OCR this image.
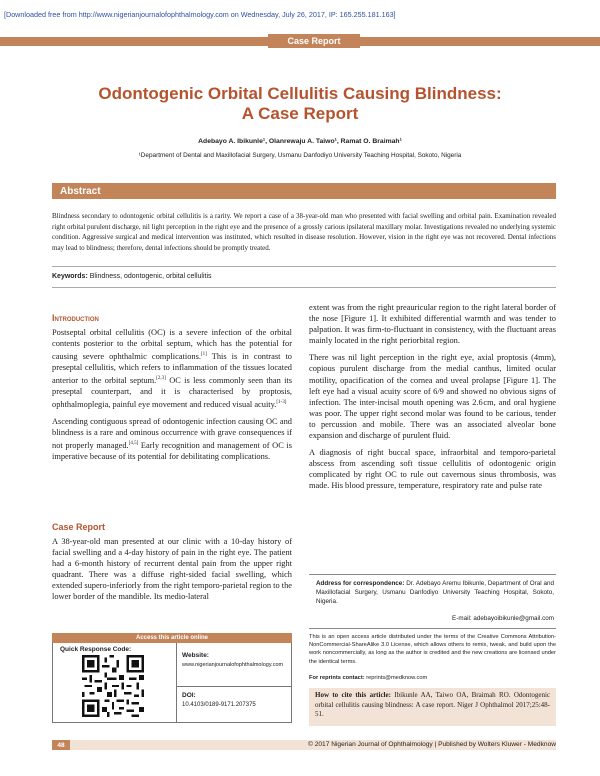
[Downloaded free from http://www.nigerianjournalofophthalmology.com on Wednesday, July 26, 2017, IP: 165.255.181.163]
Case Report
Odontogenic Orbital Cellulitis Causing Blindness:
A Case Report
Adebayo A. Ibikunle¹, Olanrewaju A. Taiwo¹, Ramat O. Braimah¹
¹Department of Dental and Maxillofacial Surgery, Usmanu Danfodiyo University Teaching Hospital, Sokoto, Nigeria
Abstract
Blindness secondary to odontogenic orbital cellulitis is a rarity. We report a case of a 38-year-old man who presented with facial swelling and orbital pain. Examination revealed right orbital purulent discharge, nil light perception in the right eye and the presence of a grossly carious ipsilateral maxillary molar. Investigations revealed no underlying systemic condition. Aggressive surgical and medical intervention was instituted, which resulted in disease resolution. However, vision in the right eye was not recovered. Dental infections may lead to blindness; therefore, dental infections should be promptly treated.
Keywords: Blindness, odontogenic, orbital cellulitis
Introduction

Postseptal orbital cellulitis (OC) is a severe infection of the orbital contents posterior to the orbital septum, which has the potential for causing severe ophthalmic complications.[1] This is in contrast to preseptal cellulitis, which refers to inflammation of the tissues located anterior to the orbital septum.[2,3] OC is less commonly seen than its preseptal counterpart, and it is characterised by proptosis, ophthalmoplegia, painful eye movement and reduced visual acuity.[1-3]

Ascending contiguous spread of odontogenic infection causing OC and blindness is a rare and ominous occurrence with grave consequences if not properly managed.[4,5] Early recognition and management of OC is imperative because of its potential for debilitating complications.

Case Report

A 38-year-old man presented at our clinic with a 10-day history of facial swelling and a 4-day history of pain in the right eye. The patient had a 6-month history of recurrent dental pain from the upper right quadrant. There was a diffuse right-sided facial swelling, which extended supero-inferiorly from the right temporo-parietal region to the lower border of the mandible. Its medio-lateral

extent was from the right preauricular region to the right lateral border of the nose [Figure 1]. It exhibited differential warmth and was tender to palpation. It was firm-to-fluctuant in consistency, with the fluctuant areas mainly located in the right periorbital region.

There was nil light perception in the right eye, axial proptosis (4mm), copious purulent discharge from the medial canthus, limited ocular motility, opacification of the cornea and uveal prolapse [Figure 1]. The left eye had a visual acuity score of 6/9 and showed no obvious signs of infection. The inter-incisal mouth opening was 2.6 cm, and oral hygiene was poor. The upper right second molar was found to be carious, tender to percussion and mobile. There was an associated alveolar bone expansion and discharge of purulent fluid.

A diagnosis of right buccal space, infraorbital and temporo-parietal abscess from ascending soft tissue cellulitis of odontogenic origin complicated by right OC to rule out cavernous sinus thrombosis, was made. His blood pressure, temperature, respiratory rate and pulse rate

Access this article online
Quick Response Code:
Website:
www.nigerianjournalofophthalmology.com
DOI:
10.4103/0189-9171.207375
Address for correspondence: Dr. Adebayo Aremu Ibikunle, Department of Oral and Maxillofacial Surgery, Usmanu Danfodiyo University Teaching Hospital, Sokoto, Nigeria.
E-mail: adebayoibikunle@gmail.com
This is an open access article distributed under the terms of the Creative Commons Attribution-NonCommercial-ShareAlike 3.0 License, which allows others to remix, tweak, and build upon the work noncommercially, as long as the author is credited and the new creations are licensed under the identical terms.
For reprints contact: reprints@medknow.com
How to cite this article: Ibikunle AA, Taiwo OA, Braimah RO. Odontogenic orbital cellulitis causing blindness: A case report. Niger J Ophthalmol 2017;25:48-51.
48	© 2017 Nigerian Journal of Ophthalmology | Published by Wolters Kluwer - Medknow
